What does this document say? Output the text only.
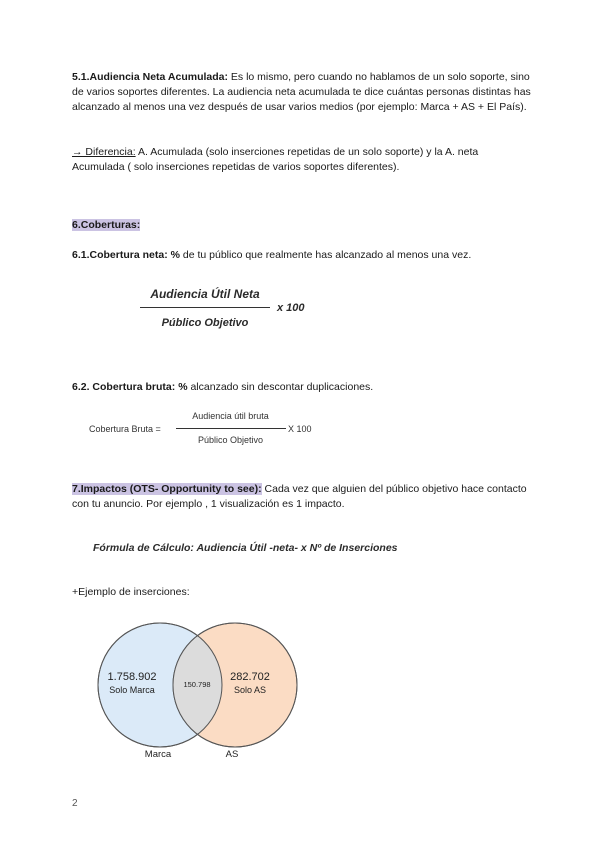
5.1.Audiencia Neta Acumulada: Es lo mismo, pero cuando no hablamos de un solo soporte, sino de varios soportes diferentes. La audiencia neta acumulada te dice cuántas personas distintas has alcanzado al menos una vez después de usar varios medios (por ejemplo: Marca + AS + El País).
→ Diferencia: A. Acumulada (solo inserciones repetidas de un solo soporte) y la A. neta Acumulada ( solo inserciones repetidas de varios soportes diferentes).
6.Coberturas:
6.1.Cobertura neta: % de tu público que realmente has alcanzado al menos una vez.
Audiencia Útil Neta
x 100
Público Objetivo
6.2. Cobertura bruta: % alcanzado sin descontar duplicaciones.
Cobertura Bruta =
Audiencia útil bruta
X 100
Público Objetivo
7.Impactos (OTS- Opportunity to see): Cada vez que alguien del público objetivo hace contacto con tu anuncio. Por ejemplo , 1 visualización es 1 impacto.
Fórmula de Cálculo: Audiencia Útil -neta- x Nº de Inserciones
+Ejemplo de inserciones:
1.758.902
Solo Marca
150.798
282.702
Solo AS
Marca	AS
2
